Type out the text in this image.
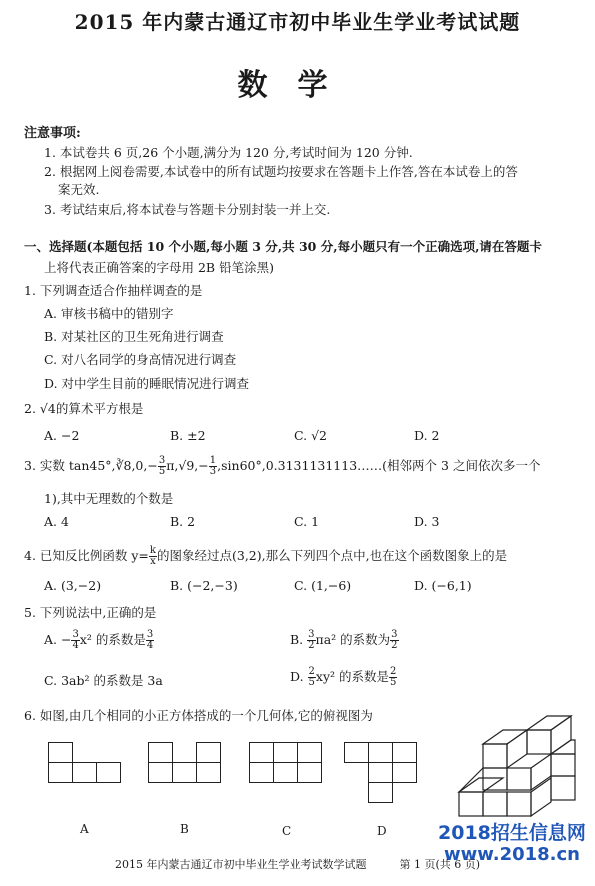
2015 年内蒙古通辽市初中毕业生学业考试试题
数学
注意事项:
1. 本试卷共 6 页,26 个小题,满分为 120 分,考试时间为 120 分钟.
2. 根据网上阅卷需要,本试卷中的所有试题均按要求在答题卡上作答,答在本试卷上的答
案无效.
3. 考试结束后,将本试卷与答题卡分别封装一并上交.
一、选择题(本题包括 10 个小题,每小题 3 分,共 30 分,每小题只有一个正确选项,请在答题卡
上将代表正确答案的字母用 2B 铅笔涂黑)
1. 下列调查适合作抽样调查的是
A. 审核书稿中的错别字
B. 对某社区的卫生死角进行调查
C. 对八名同学的身高情况进行调查
D. 对中学生目前的睡眠情况进行调查
2. √4的算术平方根是
A. −2	B. ±2	C. √2	D. 2
3. 实数 tan45°,∛8,0,− $\frac{3}{5} \pi,√9,- \frac{1}{3}$ ,sin60°,0.3131131113……(相邻两个 3 之间依次多一个
1),其中无理数的个数是
A. 4	B. 2	C. 1	D. 3
4. 已知反比例函数 $y= \frac{k}{x}$ 的图象经过点(3,2),那么下列四个点中,也在这个函数图象上的是
A. (3,−2)	B. (−2,−3)	C. (1,−6)	D. (−6,1)
5. 下列说法中,正确的是
A. − $\frac{3}{4} x^2$ 的系数是 $\frac{3}{4}$	B. $\frac{3}{2} \pi a^2$ 的系数为 $\frac{3}{2}$
C. 3ab² 的系数是 3a	D. $\frac{2}{5} xy^2$ 的系数是 $\frac{2}{5}$
6. 如图,由几个相同的小正方体搭成的一个几何体,它的俯视图为
A	B	C	D	2018招生信息网
www.2018.cn
2015 年内蒙古通辽市初中毕业生学业考试数学试题	第 1 页(共 6 页)
